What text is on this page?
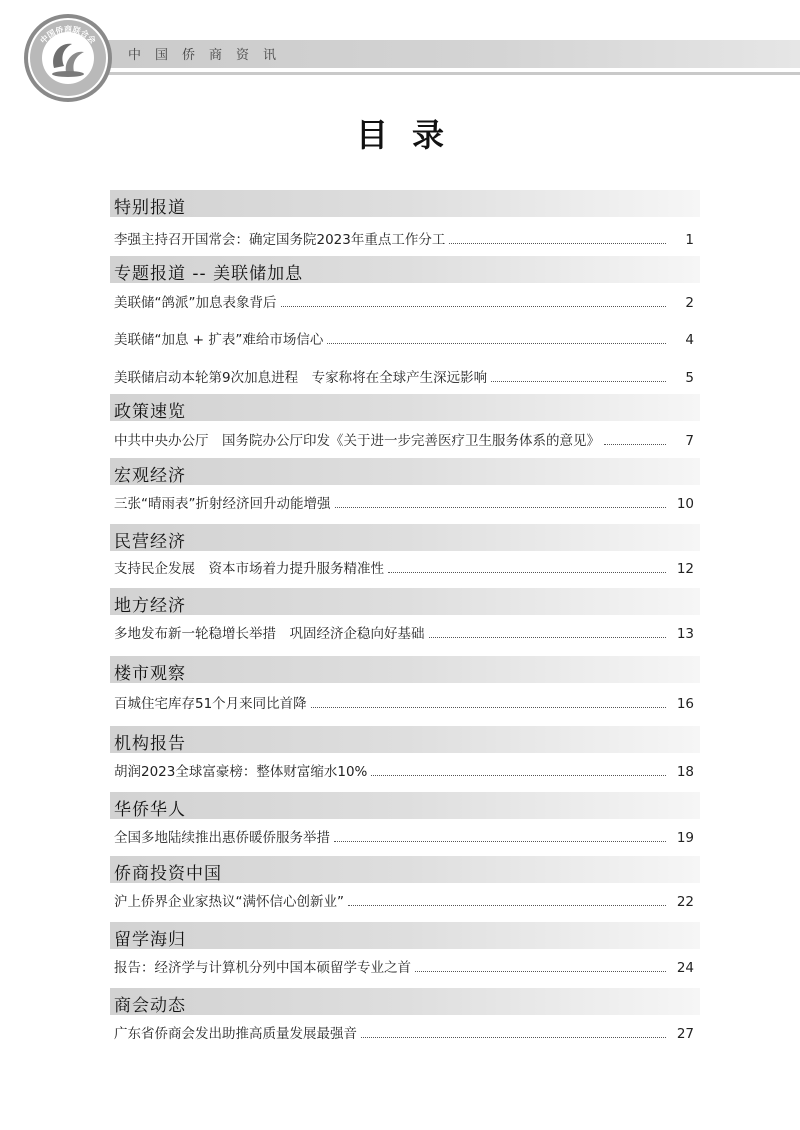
中国侨商资讯
中国侨商联合会
目录
特别报道
李强主持召开国常会：确定国务院2023年重点工作分工	1
专题报道 -- 美联储加息
美联储“鸽派”加息表象背后	2
美联储“加息 + 扩表”难给市场信心	4
美联储启动本轮第9次加息进程　专家称将在全球产生深远影响	5
政策速览
中共中央办公厅　国务院办公厅印发《关于进一步完善医疗卫生服务体系的意见》	7
宏观经济
三张“晴雨表”折射经济回升动能增强	10
民营经济
支持民企发展　资本市场着力提升服务精准性	12
地方经济
多地发布新一轮稳增长举措　巩固经济企稳向好基础	13
楼市观察
百城住宅库存51个月来同比首降	16
机构报告
胡润2023全球富豪榜：整体财富缩水10%	18
华侨华人
全国多地陆续推出惠侨暖侨服务举措	19
侨商投资中国
沪上侨界企业家热议“满怀信心创新业”	22
留学海归
报告：经济学与计算机分列中国本硕留学专业之首	24
商会动态
广东省侨商会发出助推高质量发展最强音	27
